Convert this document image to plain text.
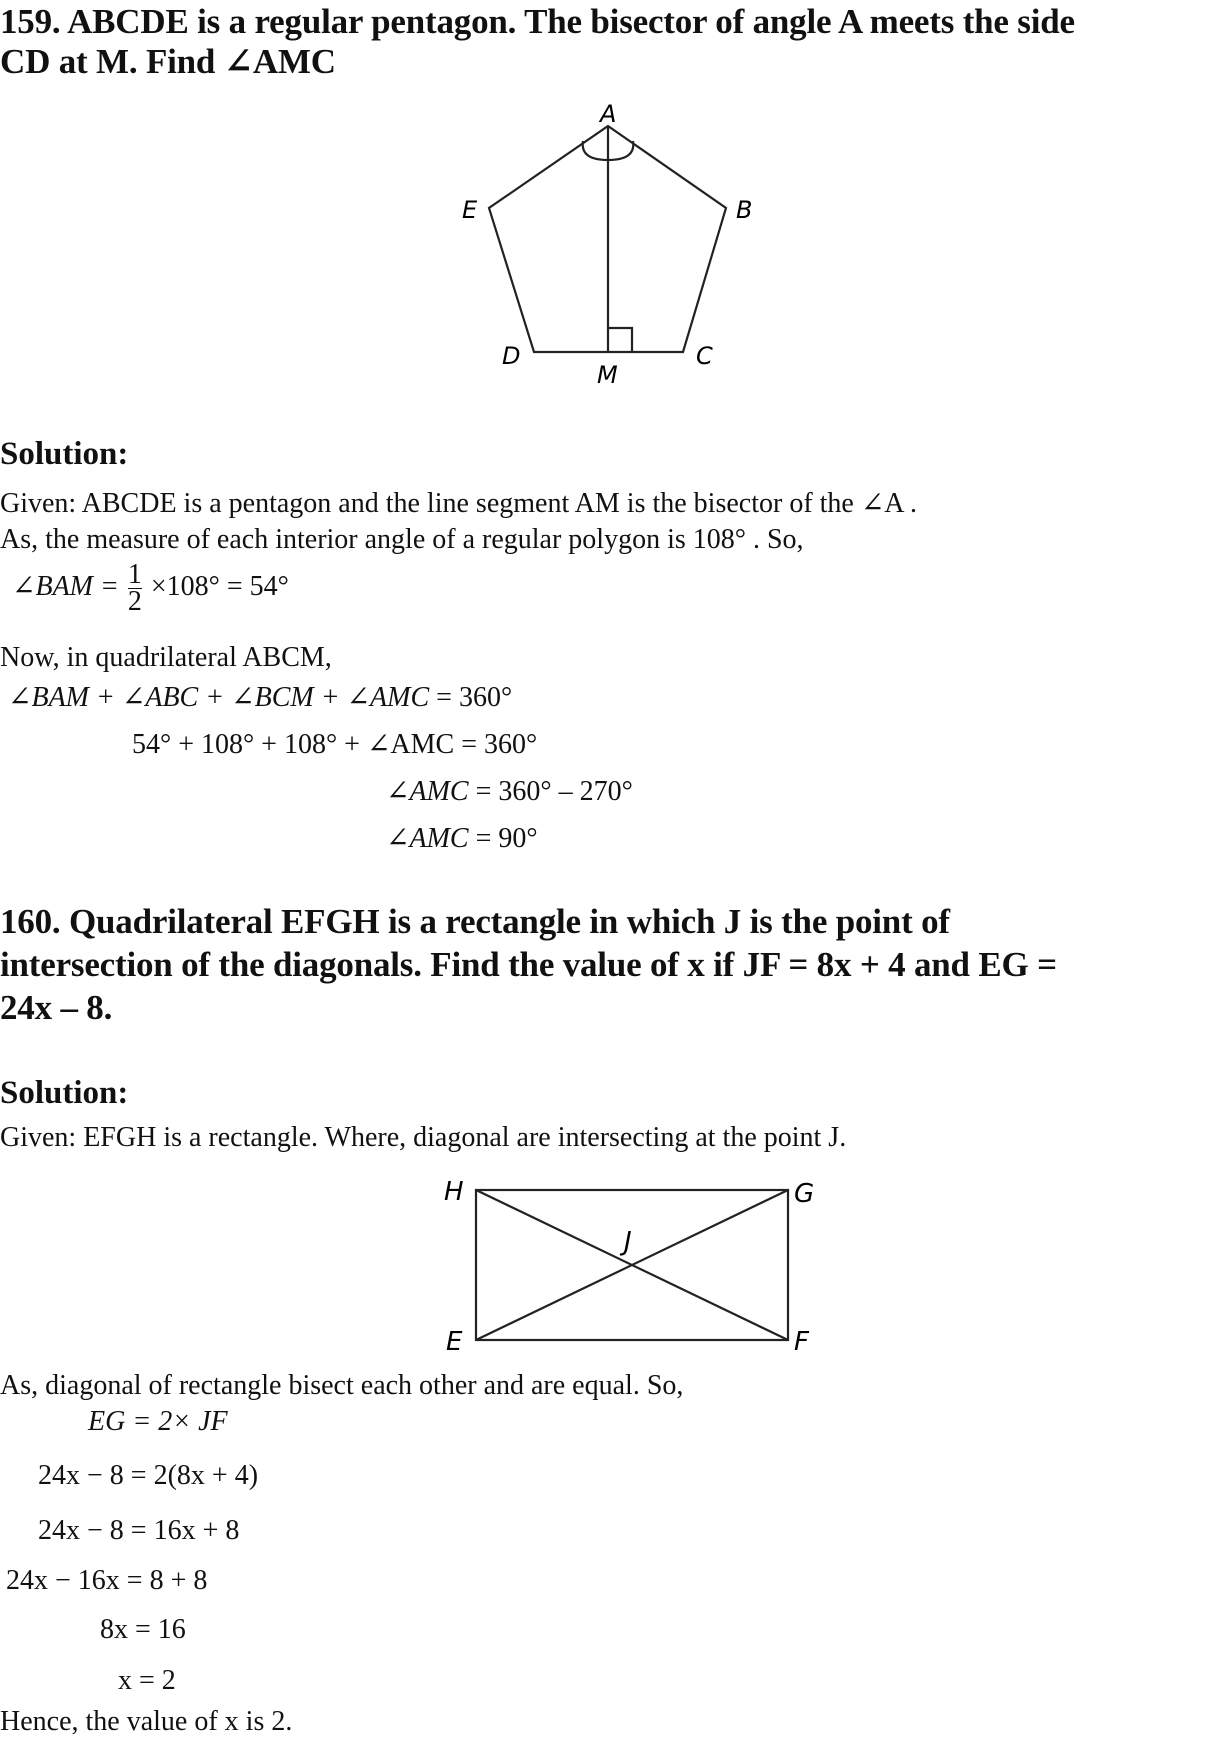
159. ABCDE is a regular pentagon. The bisector of angle A meets the side
CD at M. Find ∠AMC
A
B
C
D
E
M
Solution:
Given: ABCDE is a pentagon and the line segment AM is the bisector of the ∠A .
As, the measure of each interior angle of a regular polygon is 108° . So,
∠BAM = $\frac{1}{2} \times 108^\circ = 54^\circ$
Now, in quadrilateral ABCM,
∠BAM + ∠ABC + ∠BCM + ∠AMC = 360°
54° + 108° + 108° + ∠AMC = 360°
∠AMC = 360° – 270°
∠AMC = 90°
160. Quadrilateral EFGH is a rectangle in which J is the point of
intersection of the diagonals. Find the value of x if JF = 8x + 4 and EG =
24x – 8.
Solution:
Given: EFGH is a rectangle. Where, diagonal are intersecting at the point J.
H	G
J
E	F
As, diagonal of rectangle bisect each other and are equal. So,
EG = 2× JF
24x − 8 = 2(8x + 4)
24x − 8 = 16x + 8
24x − 16x = 8 + 8
8x = 16
x = 2
Hence, the value of x is 2.
